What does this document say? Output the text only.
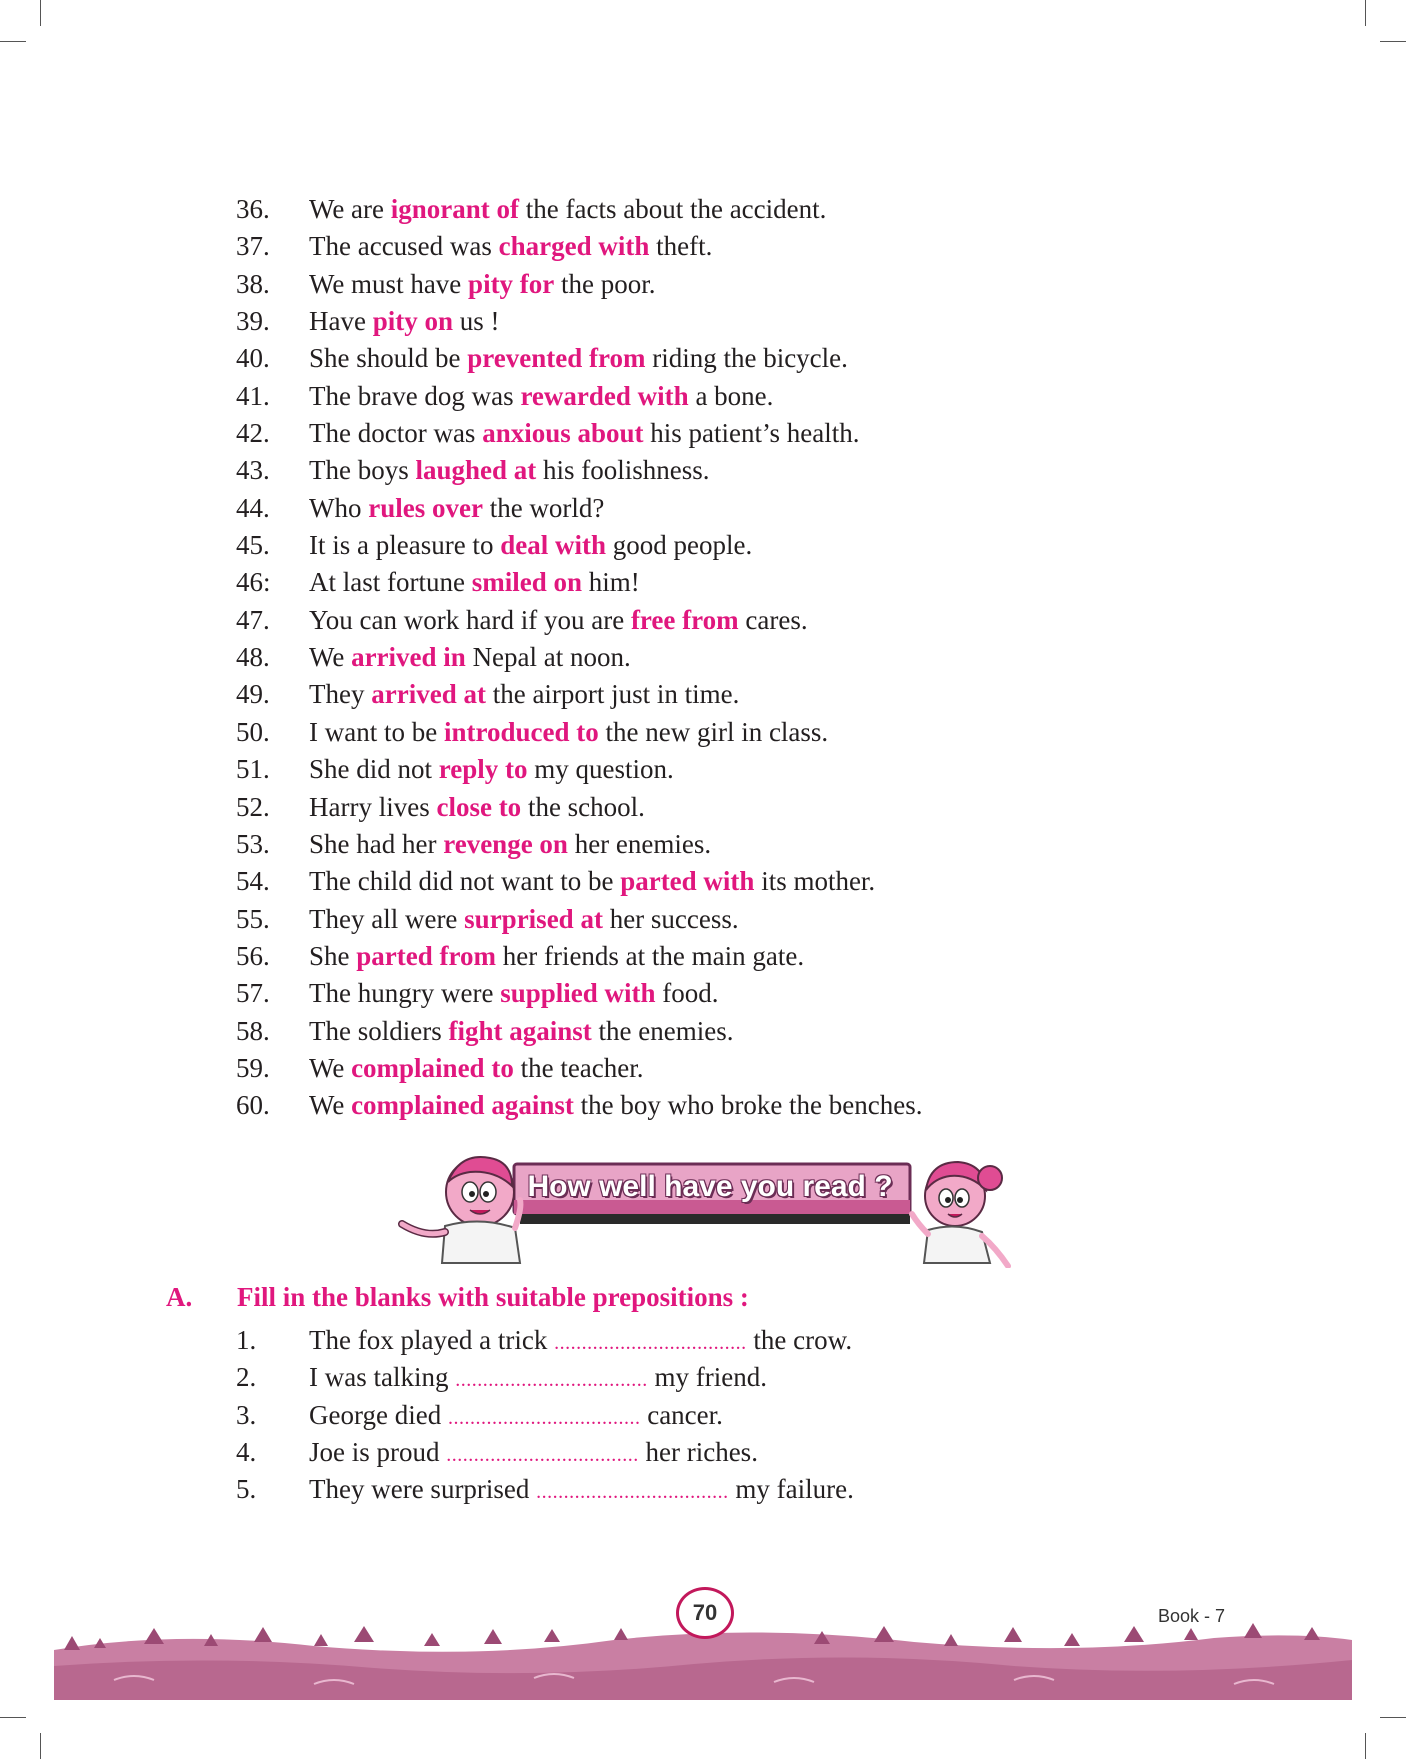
36.	We are ignorant of the facts about the accident.
37.	The accused was charged with theft.
38.	We must have pity for the poor.
39.	Have pity on us !
40.	She should be prevented from riding the bicycle.
41.	The brave dog was rewarded with a bone.
42.	The doctor was anxious about his patient’s health.
43.	The boys laughed at his foolishness.
44.	Who rules over the world?
45.	It is a pleasure to deal with good people.
46:	At last fortune smiled on him!
47.	You can work hard if you are free from cares.
48.	We arrived in Nepal at noon.
49.	They arrived at the airport just in time.
50.	I want to be introduced to the new girl in class.
51.	She did not reply to my question.
52.	Harry lives close to the school.
53.	She had her revenge on her enemies.
54.	The child did not want to be parted with its mother.
55.	They all were surprised at her success.
56.	She parted from her friends at the main gate.
57.	The hungry were supplied with food.
58.	The soldiers fight against the enemies.
59.	We complained to the teacher.
60.	We complained against the boy who broke the benches.
How well have you read ?
A. Fill in the blanks with suitable prepositions :
1.	The fox played a trick ................................... the crow.
2.	I was talking ................................... my friend.
3.	George died ................................... cancer.
4.	Joe is proud ................................... her riches.
5.	They were surprised ................................... my failure.
70	Book - 7
